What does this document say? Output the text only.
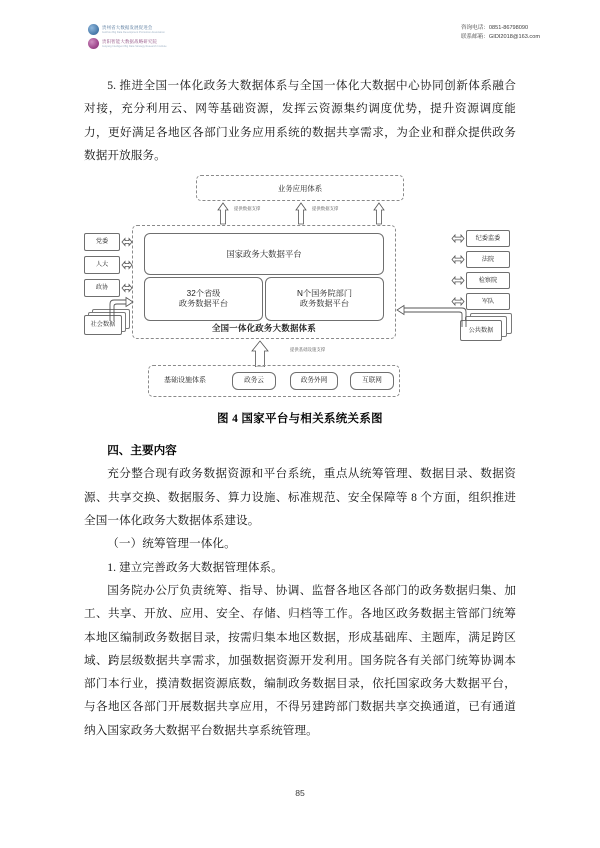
贵州省大数据发展促进会
Guizhou Big Data Development Promotion Association
贵阳智能大数据战略研究院
Guiyang Intelligent Big Data Strategy Research Institute
咨询电话：0851-86798090
联系邮箱：GIDI2018@163.com

5. 推进全国一体化政务大数据体系与全国一体化大数据中心协同创新体系融合对接，充分利用云、网等基础资源，发挥云资源集约调度优势，提升资源调度能力，更好满足各地区各部门业务应用系统的数据共享需求，为企业和群众提供政务数据开放服务。

业务应用体系
提供数据支撑	提供数据支撑
国家政务大数据平台
32个省级
政务数据平台
N个国务院部门
政务数据平台
全国一体化政务大数据体系
党委
人大
政协
社会数据
纪委监委
法院
检察院
军队
公共数据
提供基础设施支撑
基础设施体系	政务云	政务外网	互联网

图 4 国家平台与相关系统关系图

四、主要内容

充分整合现有政务数据资源和平台系统，重点从统筹管理、数据目录、数据资源、共享交换、数据服务、算力设施、标准规范、安全保障等 8 个方面，组织推进全国一体化政务大数据体系建设。

（一）统筹管理一体化。

1. 建立完善政务大数据管理体系。

国务院办公厅负责统筹、指导、协调、监督各地区各部门的政务数据归集、加工、共享、开放、应用、安全、存储、归档等工作。各地区政务数据主管部门统筹本地区编制政务数据目录，按需归集本地区数据，形成基础库、主题库，满足跨区域、跨层级数据共享需求，加强数据资源开发利用。国务院各有关部门统筹协调本部门本行业，摸清数据资源底数，编制政务数据目录，依托国家政务大数据平台，与各地区各部门开展数据共享应用，不得另建跨部门数据共享交换通道，已有通道纳入国家政务大数据平台数据共享系统管理。

85
